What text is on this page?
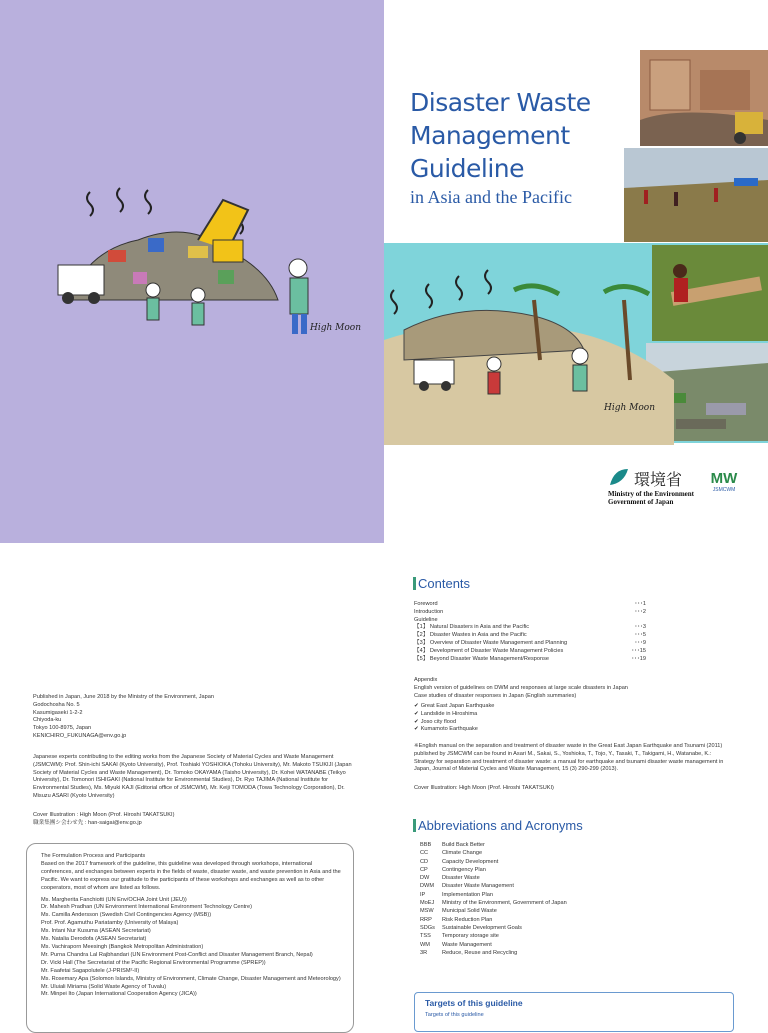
High Moon
Disaster Waste
Management
Guideline
in Asia and the Pacific
High Moon
環境省
Ministry of the Environment
Government of Japan
MW
JSMCWM

Published in Japan, June 2018 by the Ministry of the Environment, Japan

Godochosha No. 5

Kasumigaseki 1-2-2

Chiyoda-ku

Tokyo 100-8975, Japan

KENICHIRO_FUKUNAGA@env.go.jp

Japanese experts contributing to the editing works from the Japanese Society of Material Cycles and Waste Management (JSMCWM): Prof. Shin-ichi SAKAI (Kyoto University), Prof. Toshiaki YOSHIOKA (Tohoku University), Mr. Makoto TSUKIJI (Japan Society of Material Cycles and Waste Management), Dr. Tomoko OKAYAMA (Taisho University), Dr. Kohei WATANABE (Teikyo University), Dr. Tomonori ISHIGAKI (National Institute for Environmental Studies), Dr. Ryo TAJIMA (National Institute for Environmental Studies), Ms. Miyuki KAJI (Editorial office of JSMCWM), Mr. Keiji TOMODA (Towa Technology Corporation), Dr. Misuzu ASARI (Kyoto University)

Cover Illustration : High Moon (Prof. Hiroshi TAKATSUKI)

職業集團シ会わせ先 : han-saigai@env.go.jp

The Formulation Process and Participants

Based on the 2017 framework of the guideline, this guideline was developed through workshops, international conferences, and exchanges between experts in the fields of waste, disaster waste, and waste prevention in Asia and the Pacific. We want to express our gratitude to the participants of these workshops and exchanges as well as to other cooperators, most of whom are listed as follows.

Ms. Margherita Fanchiotti (UN Env/OCHA Joint Unit (JEU))

Dr. Mahesh Pradhan (UN Environment International Environment Technology Centre)

Ms. Camilla Andersson (Swedish Civil Contingencies Agency (MSB))

Prof. Prof. Agamuthu Pariatamby (University of Malaya)

Ms. Intani Nur Kusuma (ASEAN Secretariat)

Ms. Natalia Derodofa (ASEAN Secretariat)

Ms. Vachiraporn Meesingh (Bangkok Metropolitan Administration)

Mr. Purna Chandra Lal Rajbhandari (UN Environment Post-Conflict and Disaster Management Branch, Nepal)

Dr. Vicki Hall (The Secretariat of the Pacific Regional Environmental Programme (SPREP))

Mr. Faafetai Sagapolutele (J-PRISM²-II)

Ms. Rosemary Apa (Solomon Islands, Ministry of Environment, Climate Change, Disaster Management and Meteorology)

Mr. Uluiali Miriama (Solid Waste Agency of Tuvalu)

Mr. Minpei Ito (Japan International Cooperation Agency (JICA))

Contents
Foreword	･･･1
Introduction	･･･2
Guideline
【1】 Natural Disasters in Asia and the Pacific	･･･3
【2】 Disaster Wastes in Asia and the Pacific	･･･5
【3】 Overview of Disaster Waste Management and Planning	･･･9
【4】 Development of Disaster Waste Management Policies	･･･15
【5】 Beyond Disaster Waste Management/Response	･･･19

Appendix

English version of guidelines on DWM and responses at large scale disasters in Japan

Case studies of disaster responses in Japan (English summaries)

✔ Great East Japan Earthquake

✔ Landslide in Hiroshima

✔ Joso city flood

✔ Kumamoto Earthquake

※English manual on the separation and treatment of disaster waste in the Great East Japan Earthquake and Tsunami (2011) published by JSMCWM can be found in Asari M., Sakai, S., Yoshioka, T., Tojo, Y., Tasaki, T., Takigami, H., Watanabe, K.: Strategy for separation and treatment of disaster waste: a manual for earthquake and tsunami disaster waste management in Japan, Journal of Material Cycles and Waste Management, 15 (3) 290-299 (2013).
Cover Illustration: High Moon (Prof. Hiroshi TAKATSUKI)
Abbreviations and Acronyms
BBB	Build Back Better
CC	Climate Change
CD	Capacity Development
CP	Contingency Plan
DW	Disaster Waste
DWM	Disaster Waste Management
IP	Implementation Plan
MoEJ	Ministry of the Environment, Government of Japan
MSW	Municipal Solid Waste
RRP	Risk Reduction Plan
SDGs	Sustainable Development Goals
TSS	Temporary storage site
WM	Waste Management
3R	Reduce, Reuse and Recycling
Targets of this guideline
Targets of this guideline
